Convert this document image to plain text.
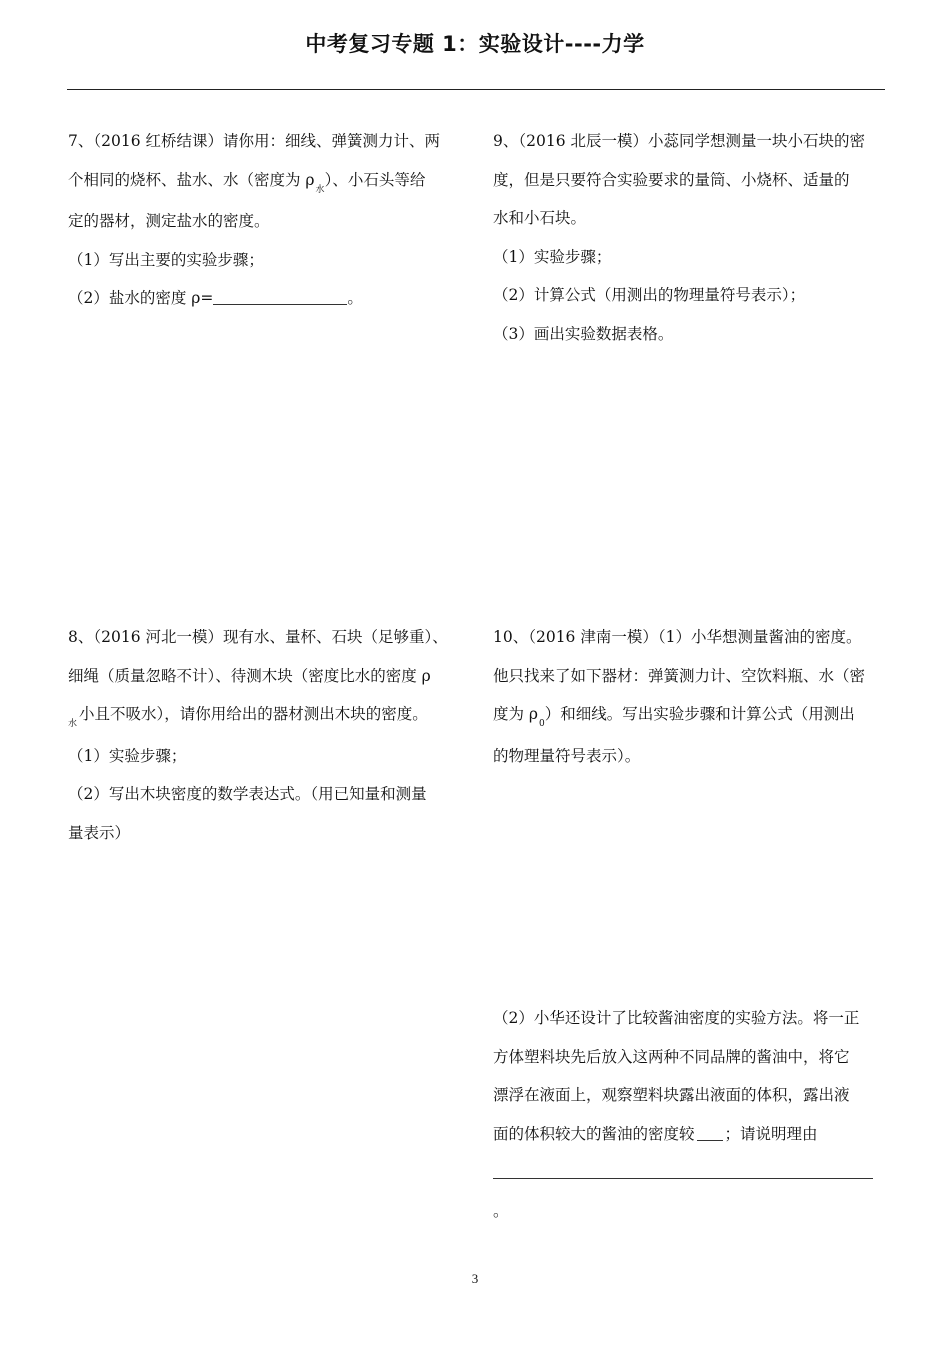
中考复习专题 1：实验设计----力学

7、（2016 红桥结课）请你用：细线、弹簧测力计、两

个相同的烧杯、盐水、水（密度为 $\rho_水$）、小石头等给

定的器材，测定盐水的密度。

（1）写出主要的实验步骤；

（2）盐水的密度 ρ=	。

9、（2016 北辰一模）小蕊同学想测量一块小石块的密

度，但是只要符合实验要求的量筒、小烧杯、适量的

水和小石块。

（1）实验步骤；

（2）计算公式（用测出的物理量符号表示）；

（3）画出实验数据表格。

8、（2016 河北一模）现有水、量杯、石块（足够重）、

细绳（质量忽略不计）、待测木块（密度比水的密度 ρ

$_水$小且不吸水），请你用给出的器材测出木块的密度。

（1）实验步骤；

（2）写出木块密度的数学表达式。（用已知量和测量

量表示）

10、（2016 津南一模）（1）小华想测量酱油的密度。

他只找来了如下器材：弹簧测力计、空饮料瓶、水（密

度为 $\rho_0$）和细线。写出实验步骤和计算公式（用测出

的物理量符号表示）。

（2）小华还设计了比较酱油密度的实验方法。将一正

方体塑料块先后放入这两种不同品牌的酱油中，将它

漂浮在液面上，观察塑料块露出液面的体积，露出液

面的体积较大的酱油的密度较 ；请说明理由

。

3
